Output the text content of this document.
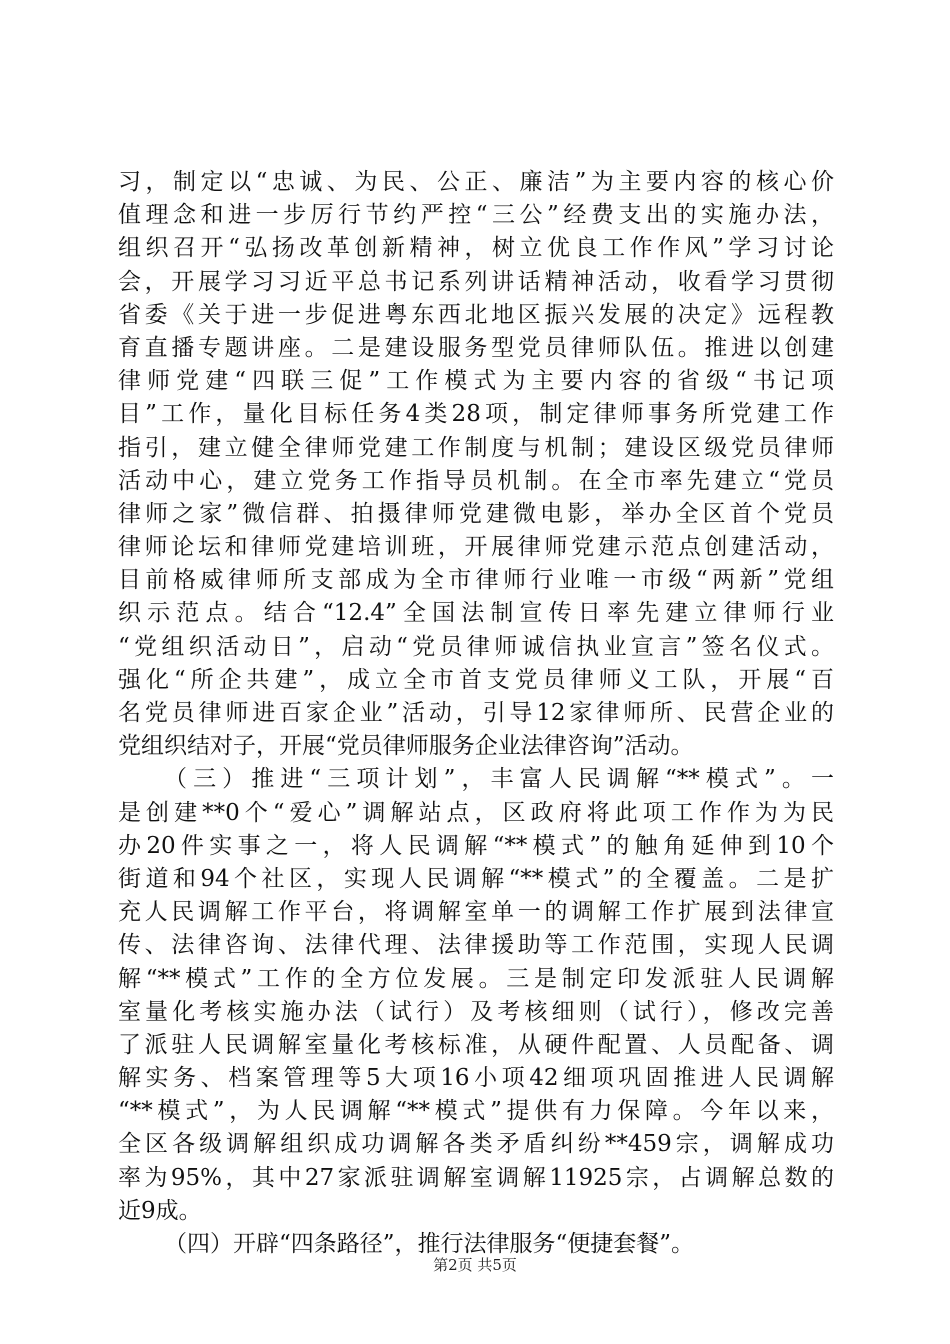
习，制定以“忠诚、为民、公正、廉洁”为主要内容的核心价
值理念和进一步厉行节约严控“三公”经费支出的实施办法，
组织召开“弘扬改革创新精神，树立优良工作作风”学习讨论
会，开展学习习近平总书记系列讲话精神活动，收看学习贯彻
省委《关于进一步促进粤东西北地区振兴发展的决定》远程教
育直播专题讲座。二是建设服务型党员律师队伍。推进以创建
律师党建“四联三促”工作模式为主要内容的省级“书记项
目”工作，量化目标任务4类28项，制定律师事务所党建工作
指引，建立健全律师党建工作制度与机制；建设区级党员律师
活动中心，建立党务工作指导员机制。在全市率先建立“党员
律师之家”微信群、拍摄律师党建微电影，举办全区首个党员
律师论坛和律师党建培训班，开展律师党建示范点创建活动，
目前格威律师所支部成为全市律师行业唯一市级“两新”党组
织示范点。结合“12.4”全国法制宣传日率先建立律师行业
“党组织活动日”，启动“党员律师诚信执业宣言”签名仪式。
强化“所企共建”，成立全市首支党员律师义工队，开展“百
名党员律师进百家企业”活动，引导12家律师所、民营企业的
党组织结对子，开展“党员律师服务企业法律咨询”活动。
（三）推进“三项计划”，丰富人民调解“**模式”。一
是创建**0个“爱心”调解站点，区政府将此项工作作为为民
办20件实事之一，将人民调解“**模式”的触角延伸到10个
街道和94个社区，实现人民调解“**模式”的全覆盖。二是扩
充人民调解工作平台，将调解室单一的调解工作扩展到法律宣
传、法律咨询、法律代理、法律援助等工作范围，实现人民调
解“**模式”工作的全方位发展。三是制定印发派驻人民调解
室量化考核实施办法（试行）及考核细则（试行），修改完善
了派驻人民调解室量化考核标准，从硬件配置、人员配备、调
解实务、档案管理等5大项16小项42细项巩固推进人民调解
“**模式”，为人民调解“**模式”提供有力保障。今年以来，
全区各级调解组织成功调解各类矛盾纠纷**459宗，调解成功
率为95%，其中27家派驻调解室调解11925宗，占调解总数的
近9成。
（四）开辟“四条路径”，推行法律服务“便捷套餐”。
第2页 共5页
